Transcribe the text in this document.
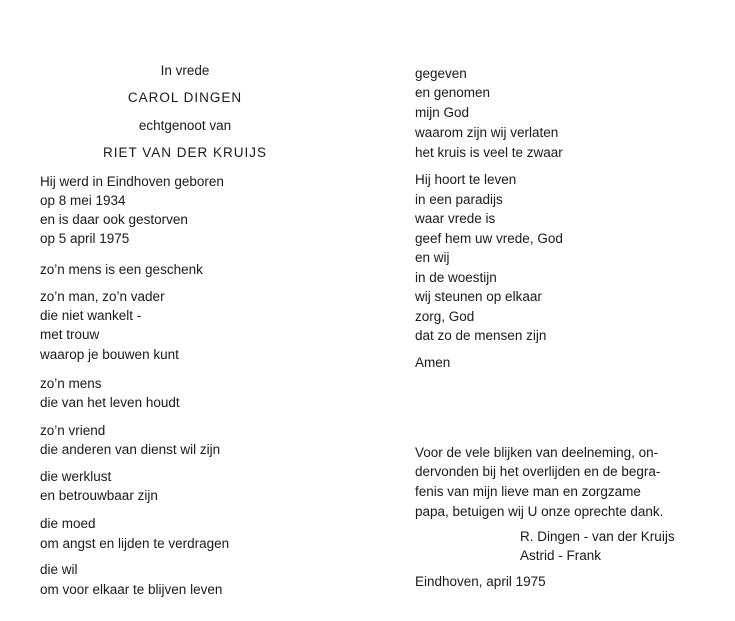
In vrede
CAROL DINGEN
echtgenoot van
RIET VAN DER KRUIJS
Hij werd in Eindhoven geboren
op 8 mei 1934
en is daar ook gestorven
op 5 april 1975
zo’n mens is een geschenk
zo’n man, zo’n vader
die niet wankelt -
met trouw
waarop je bouwen kunt
zo’n mens
die van het leven houdt
zo’n vriend
die anderen van dienst wil zijn
die werklust
en betrouwbaar zijn
die moed
om angst en lijden te verdragen
die wil
om voor elkaar te blijven leven
gegeven
en genomen
mijn God
waarom zijn wij verlaten
het kruis is veel te zwaar
Hij hoort te leven
in een paradijs
waar vrede is
geef hem uw vrede, God
en wij
in de woestijn
wij steunen op elkaar
zorg, God
dat zo de mensen zijn
Amen
Voor de vele blijken van deelneming, on-
dervonden bij het overlijden en de begra-
fenis van mijn lieve man en zorgzame
papa, betuigen wij U onze oprechte dank.
R. Dingen - van der Kruijs
Astrid - Frank
Eindhoven, april 1975
